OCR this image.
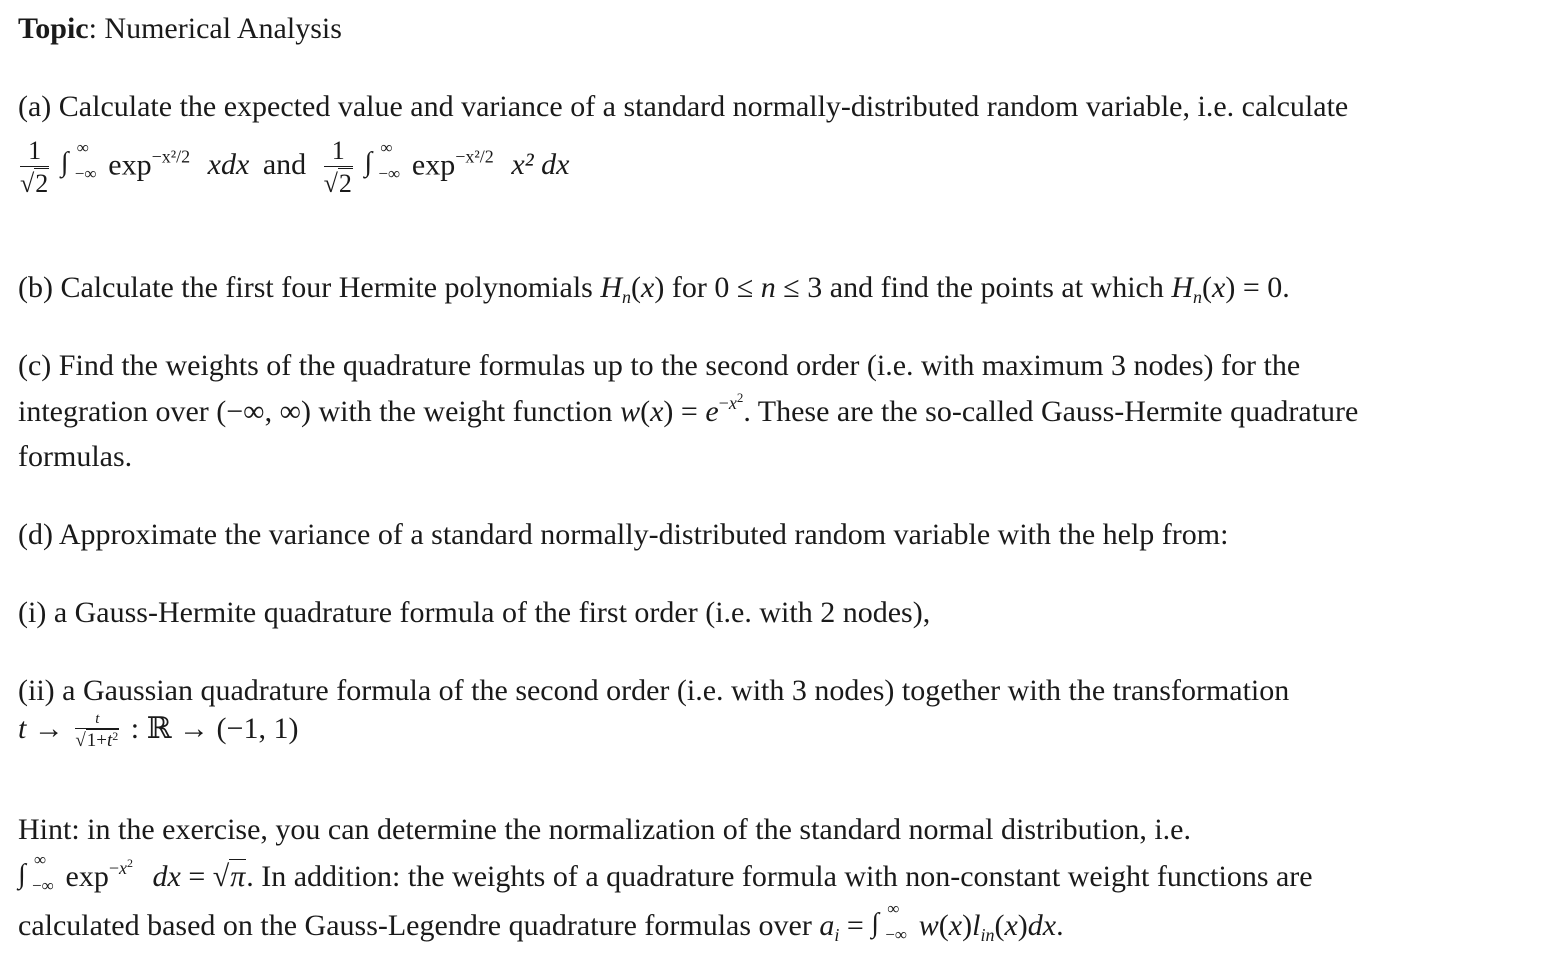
Topic: Numerical Analysis
(a) Calculate the expected value and variance of a standard normally-distributed random variable, i.e. calculate
$\frac{1}{√2}$
∫ ∞
−∞ $\exp^{-x^2/2}$ xdx and $\frac{1}{√2}$
∫ ∞
−∞ $\exp^{-x^2/2} x^2$ dx
(b) Calculate the first four Hermite polynomials $H_n(x)$ for 0 ≤ n ≤ 3 and find the points at which $H_n(x) = 0$.
(c) Find the weights of the quadrature formulas up to the second order (i.e. with maximum 3 nodes) for the
integration over (−∞, ∞) with the weight function $w(x) = e^{-x^2}$. These are the so-called Gauss-Hermite quadrature
formulas.
(d) Approximate the variance of a standard normally-distributed random variable with the help from:
(i) a Gauss-Hermite quadrature formula of the first order (i.e. with 2 nodes),
(ii) a Gaussian quadrature formula of the second order (i.e. with 3 nodes) together with the transformation
$t \to \frac{t}{√1+t^2}$ : ℝ → (−1, 1)
Hint: in the exercise, you can determine the normalization of the standard normal distribution, i.e.
∫ ∞
−∞ $\exp^{-x^2}$ dx = √π. In addition: the weights of a quadrature formula with non-constant weight functions are
calculated based on the Gauss-Legendre quadrature formulas over $a_i$ = ∫ ∞
−∞ $w(x)l_{in}(x)dx$.
